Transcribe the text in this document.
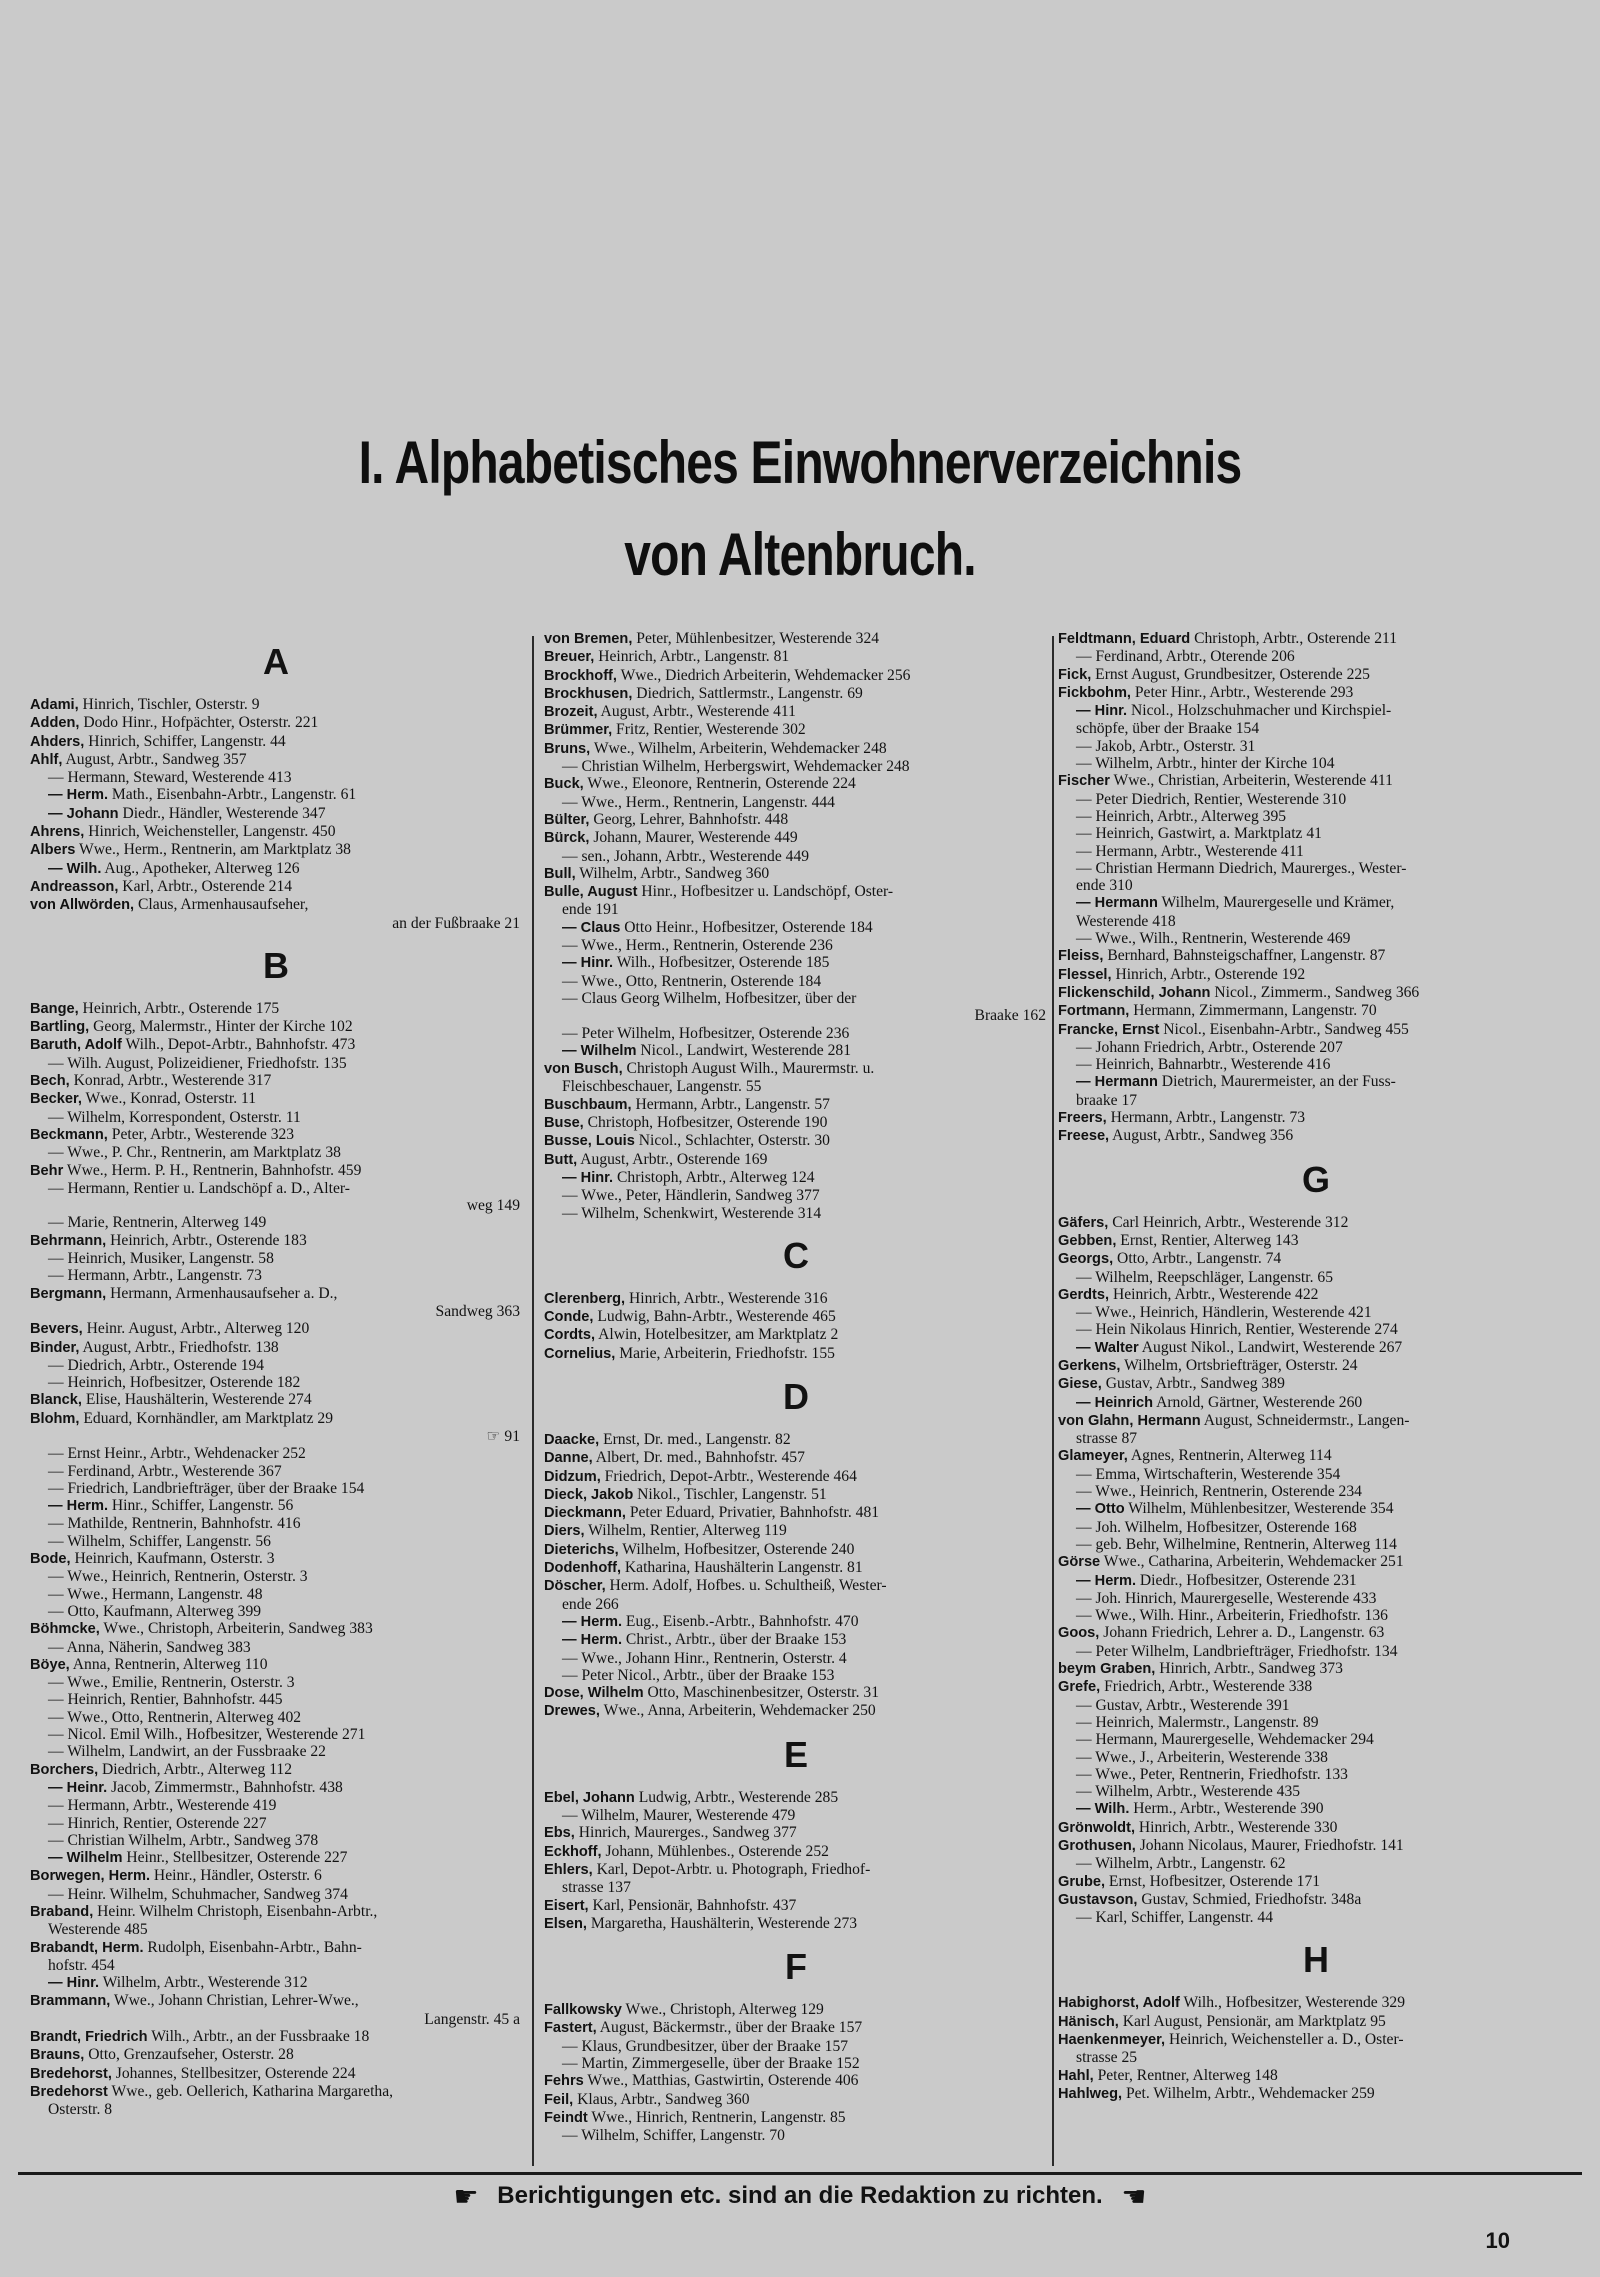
I. Alphabetisches Einwohnerverzeichnis
von Altenbruch.
A
Adami, Hinrich, Tischler, Osterstr. 9
Adden, Dodo Hinr., Hofpächter, Osterstr. 221
Ahders, Hinrich, Schiffer, Langenstr. 44
Ahlf, August, Arbtr., Sandweg 357
— Hermann, Steward, Westerende 413
— Herm. Math., Eisenbahn-Arbtr., Langenstr. 61
— Johann Diedr., Händler, Westerende 347
Ahrens, Hinrich, Weichensteller, Langenstr. 450
Albers Wwe., Herm., Rentnerin, am Marktplatz 38
— Wilh. Aug., Apotheker, Alterweg 126
Andreasson, Karl, Arbtr., Osterende 214
von Allwörden, Claus, Armenhausaufseher,
an der Fußbraake 21
B
Bange, Heinrich, Arbtr., Osterende 175
Bartling, Georg, Malermstr., Hinter der Kirche 102
Baruth, Adolf Wilh., Depot-Arbtr., Bahnhofstr. 473
— Wilh. August, Polizeidiener, Friedhofstr. 135
Bech, Konrad, Arbtr., Westerende 317
Becker, Wwe., Konrad, Osterstr. 11
— Wilhelm, Korrespondent, Osterstr. 11
Beckmann, Peter, Arbtr., Westerende 323
— Wwe., P. Chr., Rentnerin, am Marktplatz 38
Behr Wwe., Herm. P. H., Rentnerin, Bahnhofstr. 459
— Hermann, Rentier u. Landschöpf a. D., Alter-
weg 149
— Marie, Rentnerin, Alterweg 149
Behrmann, Heinrich, Arbtr., Osterende 183
— Heinrich, Musiker, Langenstr. 58
— Hermann, Arbtr., Langenstr. 73
Bergmann, Hermann, Armenhausaufseher a. D.,
Sandweg 363
Bevers, Heinr. August, Arbtr., Alterweg 120
Binder, August, Arbtr., Friedhofstr. 138
— Diedrich, Arbtr., Osterende 194
— Heinrich, Hofbesitzer, Osterende 182
Blanck, Elise, Haushälterin, Westerende 274
Blohm, Eduard, Kornhändler, am Marktplatz 29
☞ 91
— Ernst Heinr., Arbtr., Wehdenacker 252
— Ferdinand, Arbtr., Westerende 367
— Friedrich, Landbriefträger, über der Braake 154
— Herm. Hinr., Schiffer, Langenstr. 56
— Mathilde, Rentnerin, Bahnhofstr. 416
— Wilhelm, Schiffer, Langenstr. 56
Bode, Heinrich, Kaufmann, Osterstr. 3
— Wwe., Heinrich, Rentnerin, Osterstr. 3
— Wwe., Hermann, Langenstr. 48
— Otto, Kaufmann, Alterweg 399
Böhmcke, Wwe., Christoph, Arbeiterin, Sandweg 383
— Anna, Näherin, Sandweg 383
Böye, Anna, Rentnerin, Alterweg 110
— Wwe., Emilie, Rentnerin, Osterstr. 3
— Heinrich, Rentier, Bahnhofstr. 445
— Wwe., Otto, Rentnerin, Alterweg 402
— Nicol. Emil Wilh., Hofbesitzer, Westerende 271
— Wilhelm, Landwirt, an der Fussbraake 22
Borchers, Diedrich, Arbtr., Alterweg 112
— Heinr. Jacob, Zimmermstr., Bahnhofstr. 438
— Hermann, Arbtr., Westerende 419
— Hinrich, Rentier, Osterende 227
— Christian Wilhelm, Arbtr., Sandweg 378
— Wilhelm Heinr., Stellbesitzer, Osterende 227
Borwegen, Herm. Heinr., Händler, Osterstr. 6
— Heinr. Wilhelm, Schuhmacher, Sandweg 374
Braband, Heinr. Wilhelm Christoph, Eisenbahn-Arbtr.,
Westerende 485
Brabandt, Herm. Rudolph, Eisenbahn-Arbtr., Bahn-
hofstr. 454
— Hinr. Wilhelm, Arbtr., Westerende 312
Brammann, Wwe., Johann Christian, Lehrer-Wwe.,
Langenstr. 45 a
Brandt, Friedrich Wilh., Arbtr., an der Fussbraake 18
Brauns, Otto, Grenzaufseher, Osterstr. 28
Bredehorst, Johannes, Stellbesitzer, Osterende 224
Bredehorst Wwe., geb. Oellerich, Katharina Margaretha,
Osterstr. 8
von Bremen, Peter, Mühlenbesitzer, Westerende 324
Breuer, Heinrich, Arbtr., Langenstr. 81
Brockhoff, Wwe., Diedrich Arbeiterin, Wehdemacker 256
Brockhusen, Diedrich, Sattlermstr., Langenstr. 69
Brozeit, August, Arbtr., Westerende 411
Brümmer, Fritz, Rentier, Westerende 302
Bruns, Wwe., Wilhelm, Arbeiterin, Wehdemacker 248
— Christian Wilhelm, Herbergswirt, Wehdemacker 248
Buck, Wwe., Eleonore, Rentnerin, Osterende 224
— Wwe., Herm., Rentnerin, Langenstr. 444
Bülter, Georg, Lehrer, Bahnhofstr. 448
Bürck, Johann, Maurer, Westerende 449
— sen., Johann, Arbtr., Westerende 449
Bull, Wilhelm, Arbtr., Sandweg 360
Bulle, August Hinr., Hofbesitzer u. Landschöpf, Oster-
ende 191
— Claus Otto Heinr., Hofbesitzer, Osterende 184
— Wwe., Herm., Rentnerin, Osterende 236
— Hinr. Wilh., Hofbesitzer, Osterende 185
— Wwe., Otto, Rentnerin, Osterende 184
— Claus Georg Wilhelm, Hofbesitzer, über der
Braake 162
— Peter Wilhelm, Hofbesitzer, Osterende 236
— Wilhelm Nicol., Landwirt, Westerende 281
von Busch, Christoph August Wilh., Maurermstr. u.
Fleischbeschauer, Langenstr. 55
Buschbaum, Hermann, Arbtr., Langenstr. 57
Buse, Christoph, Hofbesitzer, Osterende 190
Busse, Louis Nicol., Schlachter, Osterstr. 30
Butt, August, Arbtr., Osterende 169
— Hinr. Christoph, Arbtr., Alterweg 124
— Wwe., Peter, Händlerin, Sandweg 377
— Wilhelm, Schenkwirt, Westerende 314
C
Clerenberg, Hinrich, Arbtr., Westerende 316
Conde, Ludwig, Bahn-Arbtr., Westerende 465
Cordts, Alwin, Hotelbesitzer, am Marktplatz 2
Cornelius, Marie, Arbeiterin, Friedhofstr. 155
D
Daacke, Ernst, Dr. med., Langenstr. 82
Danne, Albert, Dr. med., Bahnhofstr. 457
Didzum, Friedrich, Depot-Arbtr., Westerende 464
Dieck, Jakob Nikol., Tischler, Langenstr. 51
Dieckmann, Peter Eduard, Privatier, Bahnhofstr. 481
Diers, Wilhelm, Rentier, Alterweg 119
Dieterichs, Wilhelm, Hofbesitzer, Osterende 240
Dodenhoff, Katharina, Haushälterin Langenstr. 81
Döscher, Herm. Adolf, Hofbes. u. Schultheiß, Wester-
ende 266
— Herm. Eug., Eisenb.-Arbtr., Bahnhofstr. 470
— Herm. Christ., Arbtr., über der Braake 153
— Wwe., Johann Hinr., Rentnerin, Osterstr. 4
— Peter Nicol., Arbtr., über der Braake 153
Dose, Wilhelm Otto, Maschinenbesitzer, Osterstr. 31
Drewes, Wwe., Anna, Arbeiterin, Wehdemacker 250
E
Ebel, Johann Ludwig, Arbtr., Westerende 285
— Wilhelm, Maurer, Westerende 479
Ebs, Hinrich, Maurerges., Sandweg 377
Eckhoff, Johann, Mühlenbes., Osterende 252
Ehlers, Karl, Depot-Arbtr. u. Photograph, Friedhof-
strasse 137
Eisert, Karl, Pensionär, Bahnhofstr. 437
Elsen, Margaretha, Haushälterin, Westerende 273
F
Fallkowsky Wwe., Christoph, Alterweg 129
Fastert, August, Bäckermstr., über der Braake 157
— Klaus, Grundbesitzer, über der Braake 157
— Martin, Zimmergeselle, über der Braake 152
Fehrs Wwe., Matthias, Gastwirtin, Osterende 406
Feil, Klaus, Arbtr., Sandweg 360
Feindt Wwe., Hinrich, Rentnerin, Langenstr. 85
— Wilhelm, Schiffer, Langenstr. 70
Feldtmann, Eduard Christoph, Arbtr., Osterende 211
— Ferdinand, Arbtr., Oterende 206
Fick, Ernst August, Grundbesitzer, Osterende 225
Fickbohm, Peter Hinr., Arbtr., Westerende 293
— Hinr. Nicol., Holzschuhmacher und Kirchspiel-
schöpfe, über der Braake 154
— Jakob, Arbtr., Osterstr. 31
— Wilhelm, Arbtr., hinter der Kirche 104
Fischer Wwe., Christian, Arbeiterin, Westerende 411
— Peter Diedrich, Rentier, Westerende 310
— Heinrich, Arbtr., Alterweg 395
— Heinrich, Gastwirt, a. Marktplatz 41
— Hermann, Arbtr., Westerende 411
— Christian Hermann Diedrich, Maurerges., Wester-
ende 310
— Hermann Wilhelm, Maurergeselle und Krämer,
Westerende 418
— Wwe., Wilh., Rentnerin, Westerende 469
Fleiss, Bernhard, Bahnsteigschaffner, Langenstr. 87
Flessel, Hinrich, Arbtr., Osterende 192
Flickenschild, Johann Nicol., Zimmerm., Sandweg 366
Fortmann, Hermann, Zimmermann, Langenstr. 70
Francke, Ernst Nicol., Eisenbahn-Arbtr., Sandweg 455
— Johann Friedrich, Arbtr., Osterende 207
— Heinrich, Bahnarbtr., Westerende 416
— Hermann Dietrich, Maurermeister, an der Fuss-
braake 17
Freers, Hermann, Arbtr., Langenstr. 73
Freese, August, Arbtr., Sandweg 356
G
Gäfers, Carl Heinrich, Arbtr., Westerende 312
Gebben, Ernst, Rentier, Alterweg 143
Georgs, Otto, Arbtr., Langenstr. 74
— Wilhelm, Reepschläger, Langenstr. 65
Gerdts, Heinrich, Arbtr., Westerende 422
— Wwe., Heinrich, Händlerin, Westerende 421
— Hein Nikolaus Hinrich, Rentier, Westerende 274
— Walter August Nikol., Landwirt, Westerende 267
Gerkens, Wilhelm, Ortsbriefträger, Osterstr. 24
Giese, Gustav, Arbtr., Sandweg 389
— Heinrich Arnold, Gärtner, Westerende 260
von Glahn, Hermann August, Schneidermstr., Langen-
strasse 87
Glameyer, Agnes, Rentnerin, Alterweg 114
— Emma, Wirtschafterin, Westerende 354
— Wwe., Heinrich, Rentnerin, Osterende 234
— Otto Wilhelm, Mühlenbesitzer, Westerende 354
— Joh. Wilhelm, Hofbesitzer, Osterende 168
— geb. Behr, Wilhelmine, Rentnerin, Alterweg 114
Görse Wwe., Catharina, Arbeiterin, Wehdemacker 251
— Herm. Diedr., Hofbesitzer, Osterende 231
— Joh. Hinrich, Maurergeselle, Westerende 433
— Wwe., Wilh. Hinr., Arbeiterin, Friedhofstr. 136
Goos, Johann Friedrich, Lehrer a. D., Langenstr. 63
— Peter Wilhelm, Landbriefträger, Friedhofstr. 134
beym Graben, Hinrich, Arbtr., Sandweg 373
Grefe, Friedrich, Arbtr., Westerende 338
— Gustav, Arbtr., Westerende 391
— Heinrich, Malermstr., Langenstr. 89
— Hermann, Maurergeselle, Wehdemacker 294
— Wwe., J., Arbeiterin, Westerende 338
— Wwe., Peter, Rentnerin, Friedhofstr. 133
— Wilhelm, Arbtr., Westerende 435
— Wilh. Herm., Arbtr., Westerende 390
Grönwoldt, Hinrich, Arbtr., Westerende 330
Grothusen, Johann Nicolaus, Maurer, Friedhofstr. 141
— Wilhelm, Arbtr., Langenstr. 62
Grube, Ernst, Hofbesitzer, Osterende 171
Gustavson, Gustav, Schmied, Friedhofstr. 348a
— Karl, Schiffer, Langenstr. 44
H
Habighorst, Adolf Wilh., Hofbesitzer, Westerende 329
Hänisch, Karl August, Pensionär, am Marktplatz 95
Haenkenmeyer, Heinrich, Weichensteller a. D., Oster-
strasse 25
Hahl, Peter, Rentner, Alterweg 148
Hahlweg, Pet. Wilhelm, Arbtr., Wehdemacker 259
☛ Berichtigungen etc. sind an die Redaktion zu richten. ☚
10
